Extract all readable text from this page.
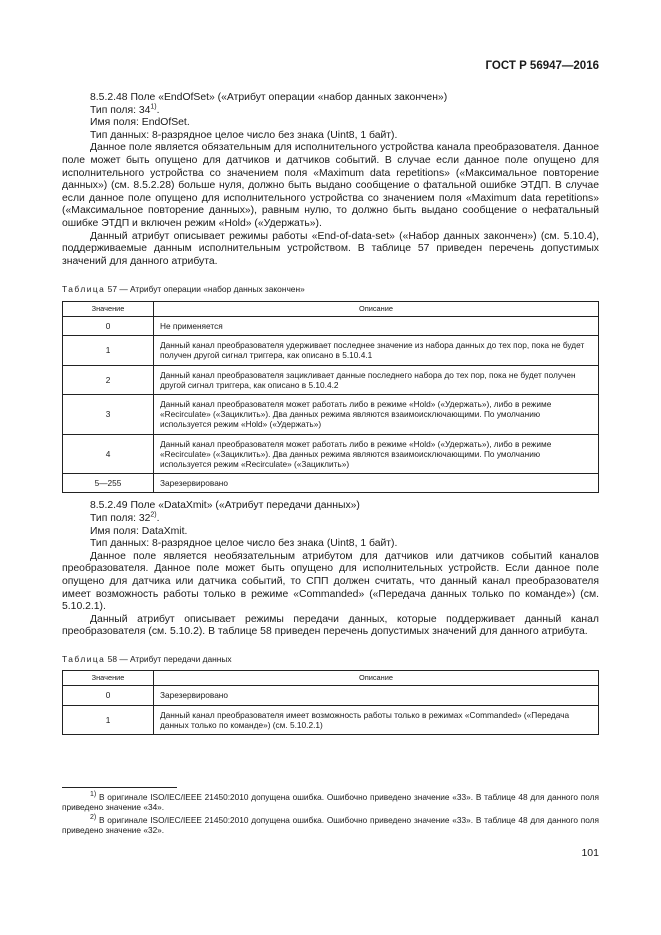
ГОСТ Р 56947—2016

8.5.2.48 Поле «EndOfSet» («Атрибут операции «набор данных закончен»)

Тип поля: 34$^{1)}$.

Имя поля: EndOfSet.

Тип данных: 8-разрядное целое число без знака (Uint8, 1 байт).

Данное поле является обязательным для исполнительного устройства канала преобразователя. Данное поле может быть опущено для датчиков и датчиков событий. В случае если данное поле опущено для исполнительного устройства со значением поля «Maximum data repetitions» («Максимальное повторение данных») (см. 8.5.2.28) больше нуля, должно быть выдано сообщение о фатальной ошибке ЭТДП. В случае если данное поле опущено для исполнительного устройства со значением поля «Maximum data repetitions» («Максимальное повторение данных»), равным нулю, то должно быть выдано сообщение о нефатальный ошибке ЭТДП и включен режим «Hold» («Удержать»).

Данный атрибут описывает режимы работы «End-of-data-set» («Набор данных закончен») (см. 5.10.4), поддерживаемые данным исполнительным устройством. В таблице 57 приведен перечень допустимых значений для данного атрибута.

Таблица 57 — Атрибут операции «набор данных закончен»
Значение	Описание
0	Не применяется
1	Данный канал преобразователя удерживает последнее значение из набора данных до тех пор, пока не будет получен другой сигнал триггера, как описано в 5.10.4.1
2	Данный канал преобразователя зацикливает данные последнего набора до тех пор, пока не будет получен другой сигнал триггера, как описано в 5.10.4.2
3	Данный канал преобразователя может работать либо в режиме «Hold» («Удержать»), либо в режиме «Recirculate» («Зациклить»). Два данных режима являются взаимоисключающими. По умолчанию используется режим «Hold» («Удержать»)
4	Данный канал преобразователя может работать либо в режиме «Hold» («Удержать»), либо в режиме «Recirculate» («Зациклить»). Два данных режима являются взаимоисключающими. По умолчанию используется режим «Recirculate» («Зациклить»)
5—255	Зарезервировано

8.5.2.49 Поле «DataXmit» («Атрибут передачи данных»)

Тип поля: 32$^{2)}$.

Имя поля: DataXmit.

Тип данных: 8-разрядное целое число без знака (Uint8, 1 байт).

Данное поле является необязательным атрибутом для датчиков или датчиков событий каналов преобразователя. Данное поле может быть опущено для исполнительных устройств. Если данное поле опущено для датчика или датчика событий, то СПП должен считать, что данный канал преобразователя имеет возможность работы только в режиме «Commanded» («Передача данных только по команде») (см. 5.10.2.1).

Данный атрибут описывает режимы передачи данных, которые поддерживает данный канал преобразователя (см. 5.10.2). В таблице 58 приведен перечень допустимых значений для данного атрибута.

Таблица 58 — Атрибут передачи данных
Значение	Описание
0	Зарезервировано
1	Данный канал преобразователя имеет возможность работы только в режимах «Commanded» («Передача данных только по команде») (см. 5.10.2.1)

$^{1)}$ В оригинале ISO/IEC/IEEE 21450:2010 допущена ошибка. Ошибочно приведено значение «33». В таблице 48 для данного поля приведено значение «34».

$^{2)}$ В оригинале ISO/IEC/IEEE 21450:2010 допущена ошибка. Ошибочно приведено значение «33». В таблице 48 для данного поля приведено значение «32».

101
